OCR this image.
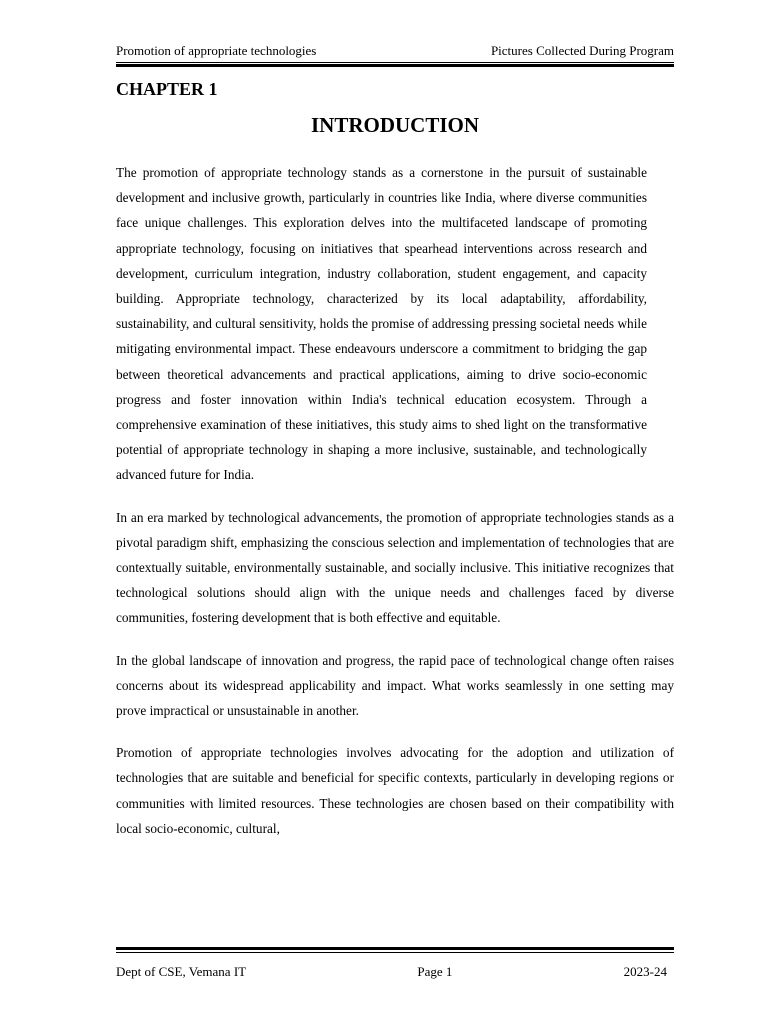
Promotion of appropriate technologies	Pictures Collected During Program
CHAPTER 1
INTRODUCTION

The promotion of appropriate technology stands as a cornerstone in the pursuit of sustainable development and inclusive growth, particularly in countries like India, where diverse communities face unique challenges. This exploration delves into the multifaceted landscape of promoting appropriate technology, focusing on initiatives that spearhead interventions across research and development, curriculum integration, industry collaboration, student engagement, and capacity building. Appropriate technology, characterized by its local adaptability, affordability, sustainability, and cultural sensitivity, holds the promise of addressing pressing societal needs while mitigating environmental impact. These endeavours underscore a commitment to bridging the gap between theoretical advancements and practical applications, aiming to drive socio-economic progress and foster innovation within India's technical education ecosystem. Through a comprehensive examination of these initiatives, this study aims to shed light on the transformative potential of appropriate technology in shaping a more inclusive, sustainable, and technologically advanced future for India.

In an era marked by technological advancements, the promotion of appropriate technologies stands as a pivotal paradigm shift, emphasizing the conscious selection and implementation of technologies that are contextually suitable, environmentally sustainable, and socially inclusive. This initiative recognizes that technological solutions should align with the unique needs and challenges faced by diverse communities, fostering development that is both effective and equitable.

In the global landscape of innovation and progress, the rapid pace of technological change often raises concerns about its widespread applicability and impact. What works seamlessly in one setting may prove impractical or unsustainable in another.

Promotion of appropriate technologies involves advocating for the adoption and utilization of technologies that are suitable and beneficial for specific contexts, particularly in developing regions or communities with limited resources. These technologies are chosen based on their compatibility with local socio-economic, cultural,

Dept of CSE, Vemana IT	Page 1	2023-24
